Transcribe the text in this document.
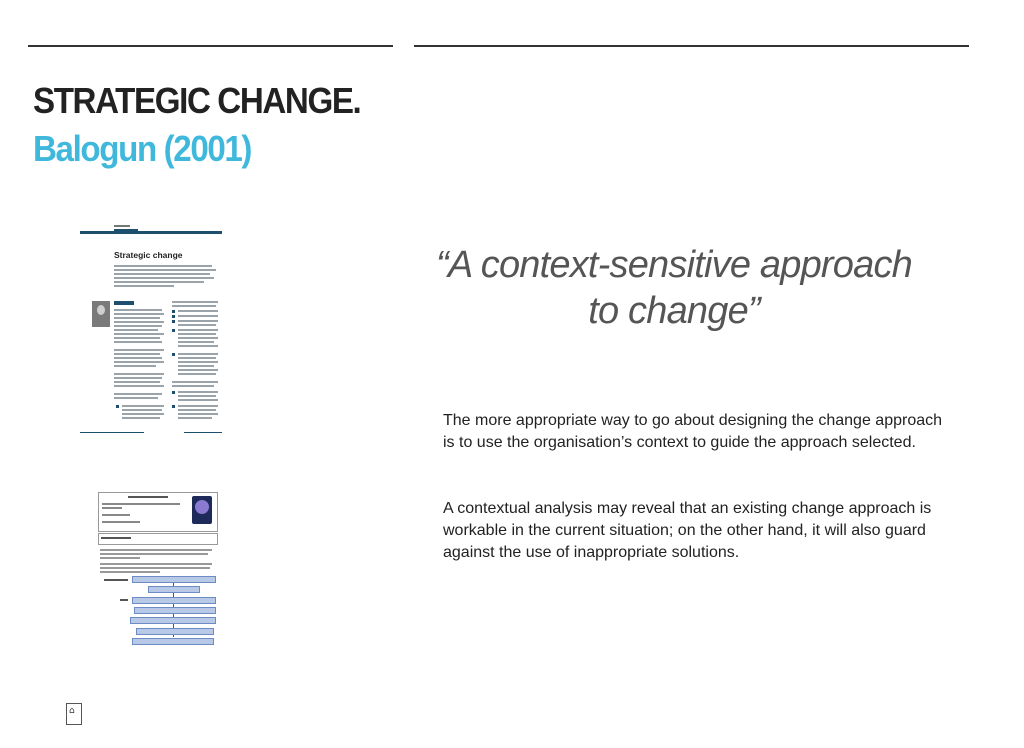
STRATEGIC CHANGE.
Balogun (2001)
Strategic change	“A context-sensitive approach to change”
The more appropriate way to go about designing the change approach is to use the organisation’s context to guide the approach selected.
A contextual analysis may reveal that an existing change approach is workable in the current situation; on the other hand, it will also guard against the use of inappropriate solutions.
⌂
